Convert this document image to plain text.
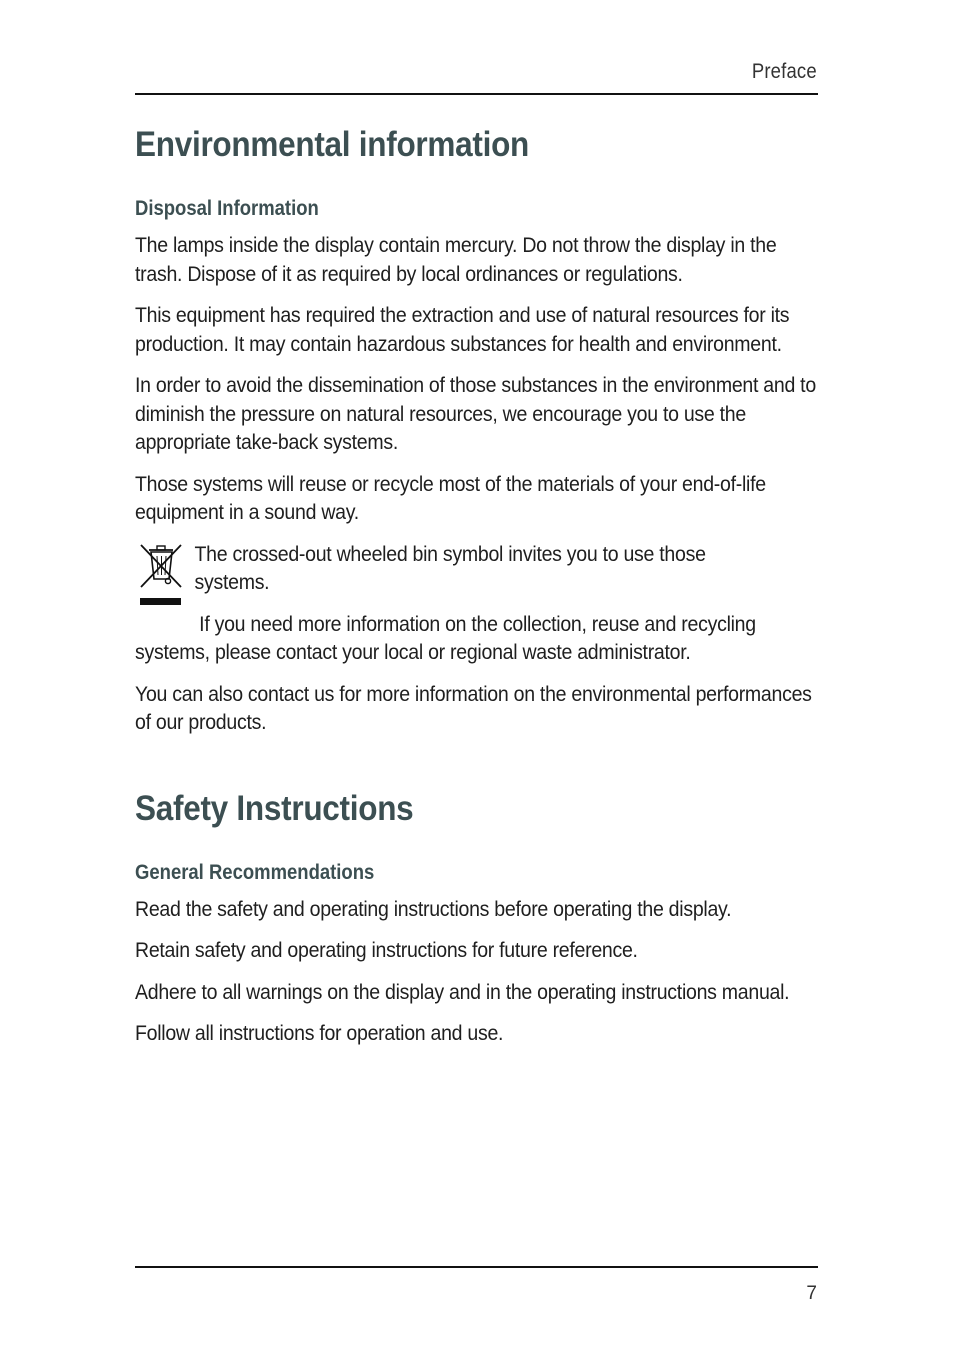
Preface
Environmental information
Disposal Information

The lamps inside the display contain mercury. Do not throw the display in the trash. Dispose of it as required by local ordinances or regulations.

This equipment has required the extraction and use of natural resources for its production. It may contain hazardous substances for health and environment.

In order to avoid the dissemination of those substances in the environment and to diminish the pressure on natural resources, we encourage you to use the appropriate take-back systems.

Those systems will reuse or recycle most of the materials of your end-of-life equipment in a sound way.

The crossed-out wheeled bin symbol invites you to use those systems.

If you need more information on the collection, reuse and recycling systems, please contact your local or regional waste administrator.

You can also contact us for more information on the environmental performances of our products.

Safety Instructions
General Recommendations

Read the safety and operating instructions before operating the display.

Retain safety and operating instructions for future reference.

Adhere to all warnings on the display and in the operating instructions manual.

Follow all instructions for operation and use.

7
